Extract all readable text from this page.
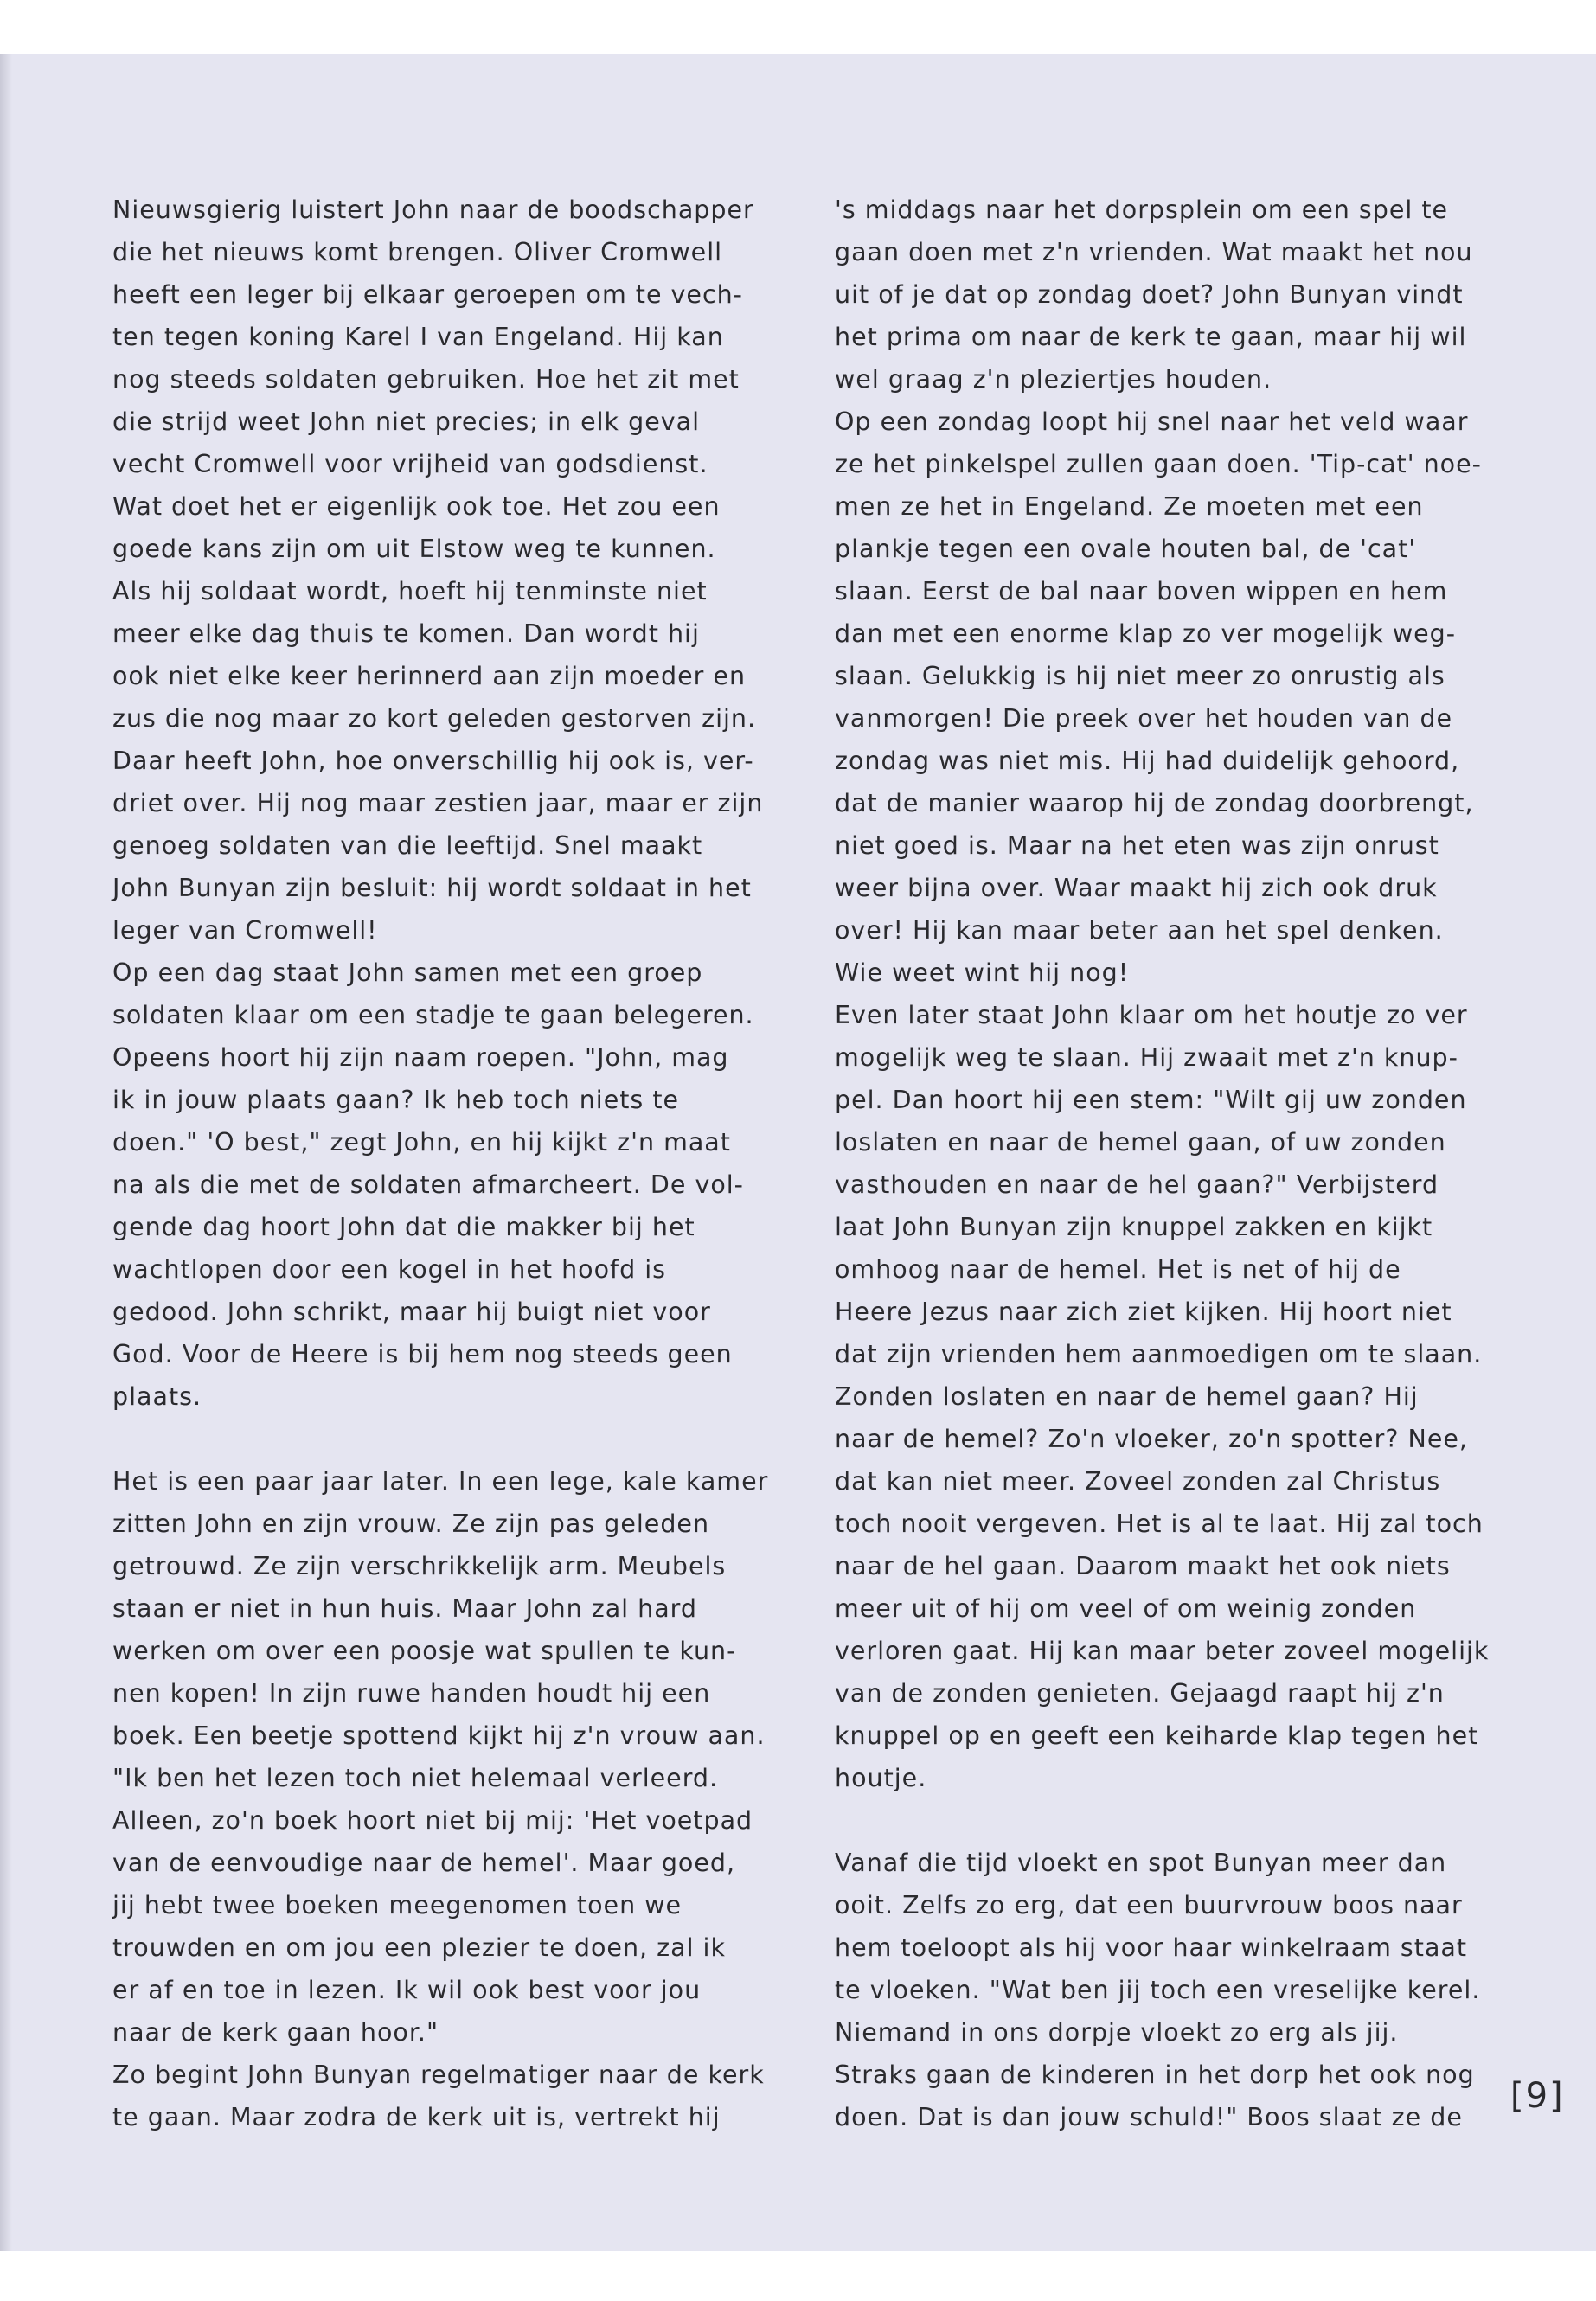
Nieuwsgierig luistert John naar de boodschapper
die het nieuws komt brengen. Oliver Cromwell
heeft een leger bij elkaar geroepen om te vech-
ten tegen koning Karel I van Engeland. Hij kan
nog steeds soldaten gebruiken. Hoe het zit met
die strijd weet John niet precies; in elk geval
vecht Cromwell voor vrijheid van godsdienst.
Wat doet het er eigenlijk ook toe. Het zou een
goede kans zijn om uit Elstow weg te kunnen.
Als hij soldaat wordt, hoeft hij tenminste niet
meer elke dag thuis te komen. Dan wordt hij
ook niet elke keer herinnerd aan zijn moeder en
zus die nog maar zo kort geleden gestorven zijn.
Daar heeft John, hoe onverschillig hij ook is, ver-
driet over. Hij nog maar zestien jaar, maar er zijn
genoeg soldaten van die leeftijd. Snel maakt
John Bunyan zijn besluit: hij wordt soldaat in het
leger van Cromwell!
Op een dag staat John samen met een groep
soldaten klaar om een stadje te gaan belegeren.
Opeens hoort hij zijn naam roepen. "John, mag
ik in jouw plaats gaan? Ik heb toch niets te
doen." 'O best," zegt John, en hij kijkt z'n maat
na als die met de soldaten afmarcheert. De vol-
gende dag hoort John dat die makker bij het
wachtlopen door een kogel in het hoofd is
gedood. John schrikt, maar hij buigt niet voor
God. Voor de Heere is bij hem nog steeds geen
plaats.
Het is een paar jaar later. In een lege, kale kamer
zitten John en zijn vrouw. Ze zijn pas geleden
getrouwd. Ze zijn verschrikkelijk arm. Meubels
staan er niet in hun huis. Maar John zal hard
werken om over een poosje wat spullen te kun-
nen kopen! In zijn ruwe handen houdt hij een
boek. Een beetje spottend kijkt hij z'n vrouw aan.
"Ik ben het lezen toch niet helemaal verleerd.
Alleen, zo'n boek hoort niet bij mij: 'Het voetpad
van de eenvoudige naar de hemel'. Maar goed,
jij hebt twee boeken meegenomen toen we
trouwden en om jou een plezier te doen, zal ik
er af en toe in lezen. Ik wil ook best voor jou
naar de kerk gaan hoor."
Zo begint John Bunyan regelmatiger naar de kerk
te gaan. Maar zodra de kerk uit is, vertrekt hij
's middags naar het dorpsplein om een spel te
gaan doen met z'n vrienden. Wat maakt het nou
uit of je dat op zondag doet? John Bunyan vindt
het prima om naar de kerk te gaan, maar hij wil
wel graag z'n pleziertjes houden.
Op een zondag loopt hij snel naar het veld waar
ze het pinkelspel zullen gaan doen. 'Tip-cat' noe-
men ze het in Engeland. Ze moeten met een
plankje tegen een ovale houten bal, de 'cat'
slaan. Eerst de bal naar boven wippen en hem
dan met een enorme klap zo ver mogelijk weg-
slaan. Gelukkig is hij niet meer zo onrustig als
vanmorgen! Die preek over het houden van de
zondag was niet mis. Hij had duidelijk gehoord,
dat de manier waarop hij de zondag doorbrengt,
niet goed is. Maar na het eten was zijn onrust
weer bijna over. Waar maakt hij zich ook druk
over! Hij kan maar beter aan het spel denken.
Wie weet wint hij nog!
Even later staat John klaar om het houtje zo ver
mogelijk weg te slaan. Hij zwaait met z'n knup-
pel. Dan hoort hij een stem: "Wilt gij uw zonden
loslaten en naar de hemel gaan, of uw zonden
vasthouden en naar de hel gaan?" Verbijsterd
laat John Bunyan zijn knuppel zakken en kijkt
omhoog naar de hemel. Het is net of hij de
Heere Jezus naar zich ziet kijken. Hij hoort niet
dat zijn vrienden hem aanmoedigen om te slaan.
Zonden loslaten en naar de hemel gaan? Hij
naar de hemel? Zo'n vloeker, zo'n spotter? Nee,
dat kan niet meer. Zoveel zonden zal Christus
toch nooit vergeven. Het is al te laat. Hij zal toch
naar de hel gaan. Daarom maakt het ook niets
meer uit of hij om veel of om weinig zonden
verloren gaat. Hij kan maar beter zoveel mogelijk
van de zonden genieten. Gejaagd raapt hij z'n
knuppel op en geeft een keiharde klap tegen het
houtje.
Vanaf die tijd vloekt en spot Bunyan meer dan
ooit. Zelfs zo erg, dat een buurvrouw boos naar
hem toeloopt als hij voor haar winkelraam staat
te vloeken. "Wat ben jij toch een vreselijke kerel.
Niemand in ons dorpje vloekt zo erg als jij.
Straks gaan de kinderen in het dorp het ook nog
doen. Dat is dan jouw schuld!" Boos slaat ze de
[9]
